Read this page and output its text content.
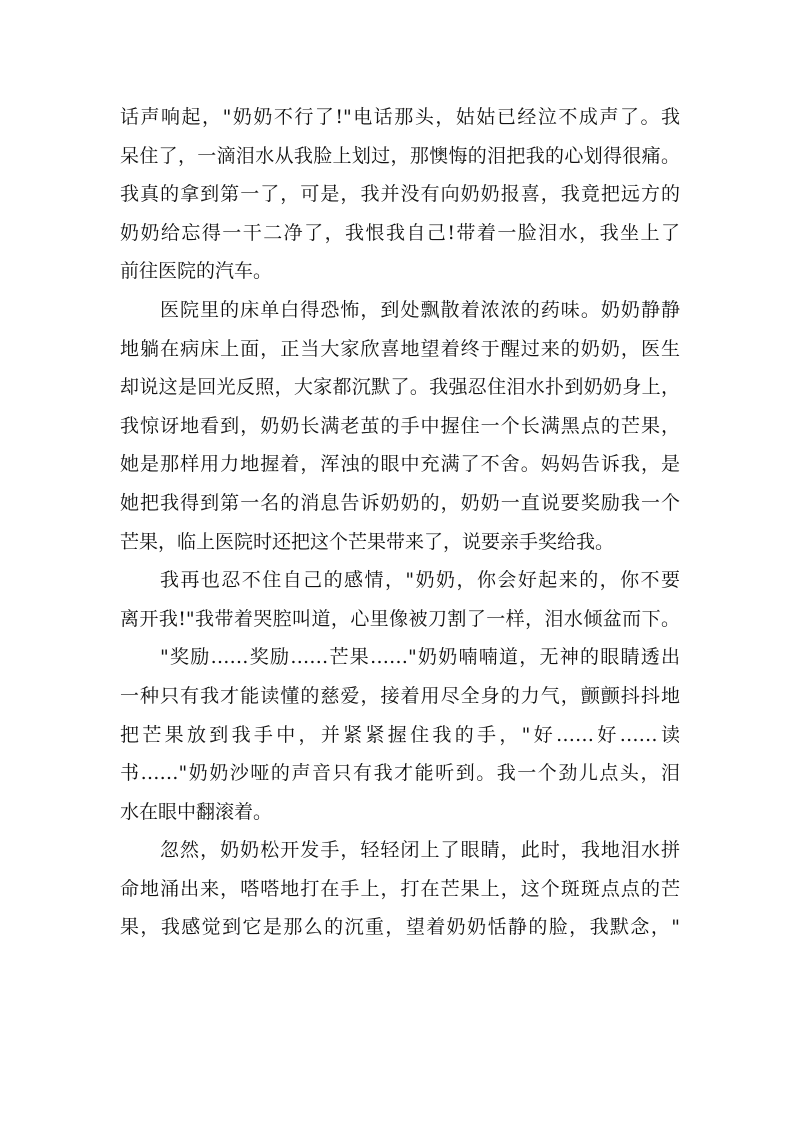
话声响起，"奶奶不行了!"电话那头，姑姑已经泣不成声了。我
呆住了，一滴泪水从我脸上划过，那懊悔的泪把我的心划得很痛。
我真的拿到第一了，可是，我并没有向奶奶报喜，我竟把远方的
奶奶给忘得一干二净了，我恨我自己!带着一脸泪水，我坐上了
前往医院的汽车。
医院里的床单白得恐怖，到处飘散着浓浓的药味。奶奶静静
地躺在病床上面，正当大家欣喜地望着终于醒过来的奶奶，医生
却说这是回光反照，大家都沉默了。我强忍住泪水扑到奶奶身上，
我惊讶地看到，奶奶长满老茧的手中握住一个长满黑点的芒果，
她是那样用力地握着，浑浊的眼中充满了不舍。妈妈告诉我，是
她把我得到第一名的消息告诉奶奶的，奶奶一直说要奖励我一个
芒果，临上医院时还把这个芒果带来了，说要亲手奖给我。
我再也忍不住自己的感情，"奶奶，你会好起来的，你不要
离开我!"我带着哭腔叫道，心里像被刀割了一样，泪水倾盆而下。
"奖励……奖励……芒果……"奶奶喃喃道，无神的眼睛透出
一种只有我才能读懂的慈爱，接着用尽全身的力气，颤颤抖抖地
把芒果放到我手中，并紧紧握住我的手，"好……好……读
书……"奶奶沙哑的声音只有我才能听到。我一个劲儿点头，泪
水在眼中翻滚着。
忽然，奶奶松开发手，轻轻闭上了眼睛，此时，我地泪水拼
命地涌出来，嗒嗒地打在手上，打在芒果上，这个斑斑点点的芒
果，我感觉到它是那么的沉重，望着奶奶恬静的脸，我默念，"
